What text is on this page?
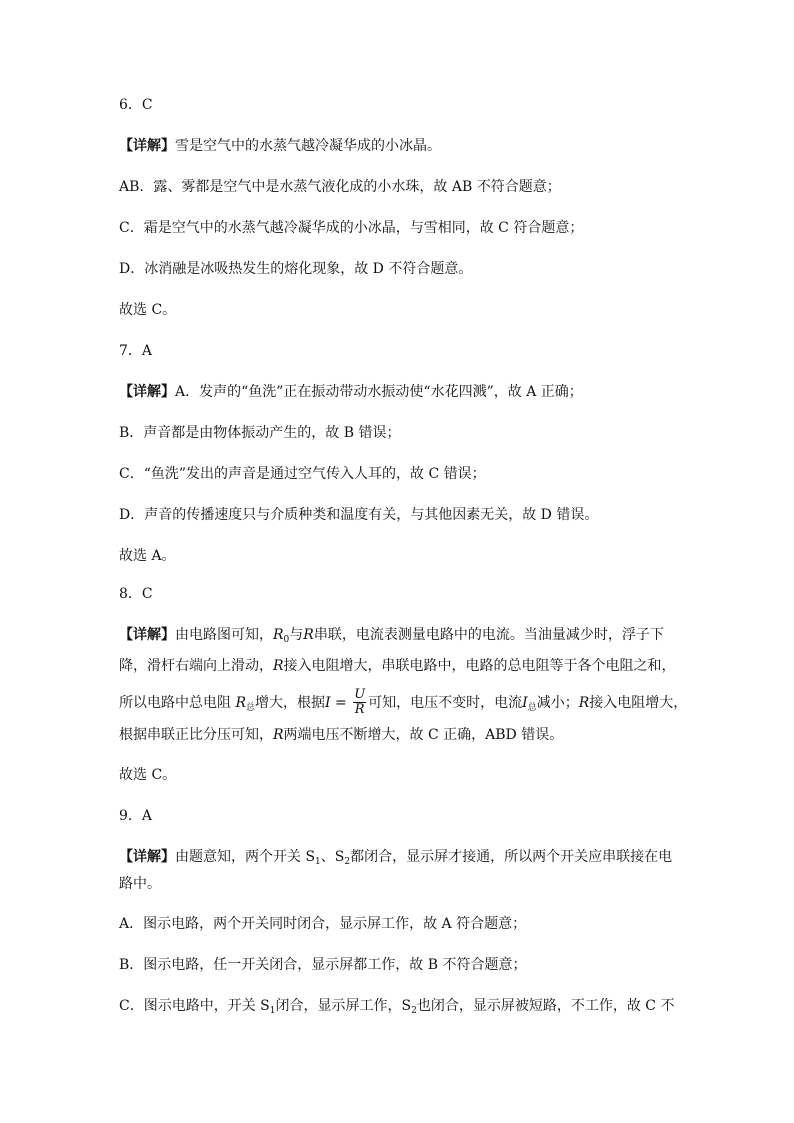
6．C
【详解】雪是空气中的水蒸气越冷凝华成的小冰晶。
AB．露、雾都是空气中是水蒸气液化成的小水珠，故 AB 不符合题意；
C．霜是空气中的水蒸气越冷凝华成的小冰晶，与雪相同，故 C 符合题意；
D．冰消融是冰吸热发生的熔化现象，故 D 不符合题意。
故选 C。
7．A
【详解】A．发声的“鱼洗”正在振动带动水振动使“水花四溅”，故 A 正确；
B．声音都是由物体振动产生的，故 B 错误；
C．“鱼洗”发出的声音是通过空气传入人耳的，故 C 错误；
D．声音的传播速度只与介质种类和温度有关，与其他因素无关，故 D 错误。
故选 A。
8．C
【详解】由电路图可知，$R_0$与R串联，电流表测量电路中的电流。当油量减少时，浮子下
降，滑杆右端向上滑动，R接入电阻增大，串联电路中，电路的总电阻等于各个电阻之和，
所以电路中总电阻 $R_总$增大，根据$I = \frac{U}{R}$ 可知，电压不变时，电流$I_总$减小；R接入电阻增大，
根据串联正比分压可知，R两端电压不断增大，故 C 正确，ABD 错误。
故选 C。
9．A
【详解】由题意知，两个开关 $S_1$、$S_2$都闭合，显示屏才接通，所以两个开关应串联接在电
路中。
A．图示电路，两个开关同时闭合，显示屏工作，故 A 符合题意；
B．图示电路，任一开关闭合，显示屏都工作，故 B 不符合题意；
C．图示电路中，开关 $S_1$闭合，显示屏工作，$S_2$也闭合，显示屏被短路，不工作，故 C 不
